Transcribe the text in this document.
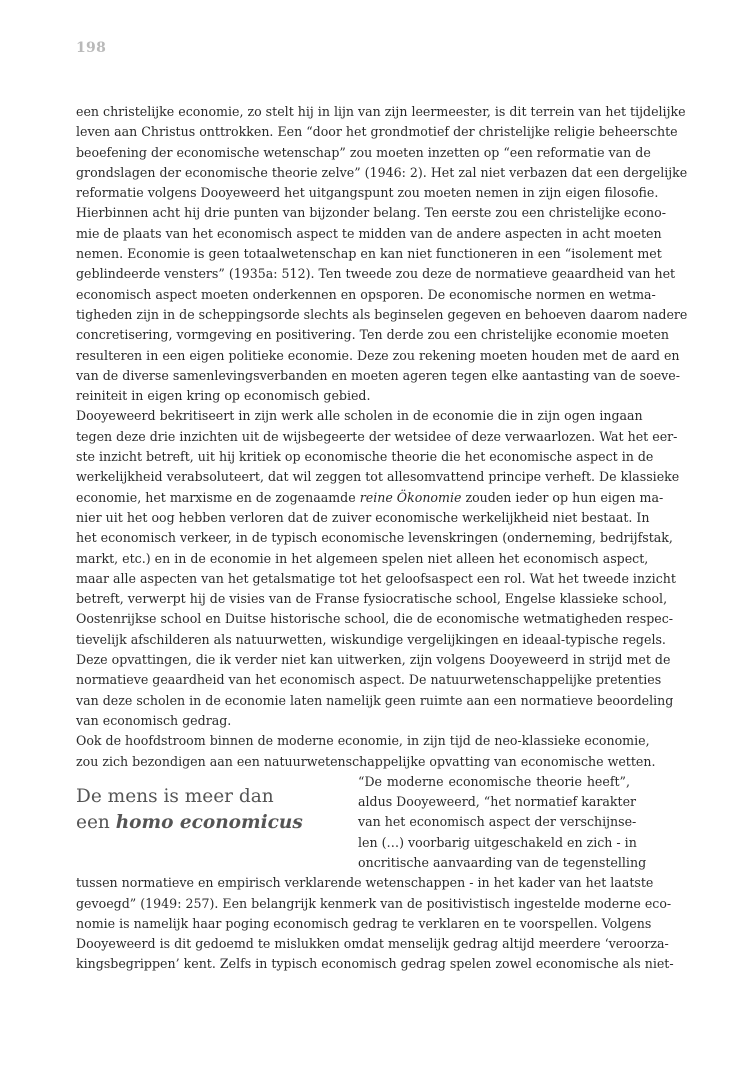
198
een christelijke economie, zo stelt hij in lijn van zijn leermeester, is dit terrein van het tijdelijke
leven aan Christus onttrokken. Een “door het grondmotief der christelijke religie beheerschte
beoefening der economische wetenschap” zou moeten inzetten op “een reformatie van de
grondslagen der economische theorie zelve” (1946: 2). Het zal niet verbazen dat een dergelijke
reformatie volgens Dooyeweerd het uitgangspunt zou moeten nemen in zijn eigen filosofie.
Hierbinnen acht hij drie punten van bijzonder belang. Ten eerste zou een christelijke econo-
mie de plaats van het economisch aspect te midden van de andere aspecten in acht moeten
nemen. Economie is geen totaalwetenschap en kan niet functioneren in een “isolement met
geblindeerde vensters” (1935a: 512). Ten tweede zou deze de normatieve geaardheid van het
economisch aspect moeten onderkennen en opsporen. De economische normen en wetma-
tigheden zijn in de scheppingsorde slechts als beginselen gegeven en behoeven daarom nadere
concretisering, vormgeving en positivering. Ten derde zou een christelijke economie moeten
resulteren in een eigen politieke economie. Deze zou rekening moeten houden met de aard en
van de diverse samenlevingsverbanden en moeten ageren tegen elke aantasting van de soeve-
reiniteit in eigen kring op economisch gebied.
Dooyeweerd bekritiseert in zijn werk alle scholen in de economie die in zijn ogen ingaan
tegen deze drie inzichten uit de wijsbegeerte der wetsidee of deze verwaarlozen. Wat het eer-
ste inzicht betreft, uit hij kritiek op economische theorie die het economische aspect in de
werkelijkheid verabsoluteert, dat wil zeggen tot allesomvattend principe verheft. De klassieke
economie, het marxisme en de zogenaamde reine Ökonomie zouden ieder op hun eigen ma-
nier uit het oog hebben verloren dat de zuiver economische werkelijkheid niet bestaat. In
het economisch verkeer, in de typisch economische levenskringen (onderneming, bedrijfstak,
markt, etc.) en in de economie in het algemeen spelen niet alleen het economisch aspect,
maar alle aspecten van het getalsmatige tot het geloofsaspect een rol. Wat het tweede inzicht
betreft, verwerpt hij de visies van de Franse fysiocratische school, Engelse klassieke school,
Oostenrijkse school en Duitse historische school, die de economische wetmatigheden respec-
tievelijk afschilderen als natuurwetten, wiskundige vergelijkingen en ideaal-typische regels.
Deze opvattingen, die ik verder niet kan uitwerken, zijn volgens Dooyeweerd in strijd met de
normatieve geaardheid van het economisch aspect. De natuurwetenschappelijke pretenties
van deze scholen in de economie laten namelijk geen ruimte aan een normatieve beoordeling
van economisch gedrag.
Ook de hoofdstroom binnen de moderne economie, in zijn tijd de neo-klassieke economie,
zou zich bezondigen aan een natuurwetenschappelijke opvatting van economische wetten.
De mens is meer dan
een homo economicus
“De moderne economische theorie heeft”,
aldus Dooyeweerd, “het normatief karakter
van het economisch aspect der verschijnse-
len (…) voorbarig uitgeschakeld en zich - in
oncritische aanvaarding van de tegenstelling
tussen normatieve en empirisch verklarende wetenschappen - in het kader van het laatste
gevoegd” (1949: 257). Een belangrijk kenmerk van de positivistisch ingestelde moderne eco-
nomie is namelijk haar poging economisch gedrag te verklaren en te voorspellen. Volgens
Dooyeweerd is dit gedoemd te mislukken omdat menselijk gedrag altijd meerdere ‘veroorza-
kingsbegrippen’ kent. Zelfs in typisch economisch gedrag spelen zowel economische als niet-
